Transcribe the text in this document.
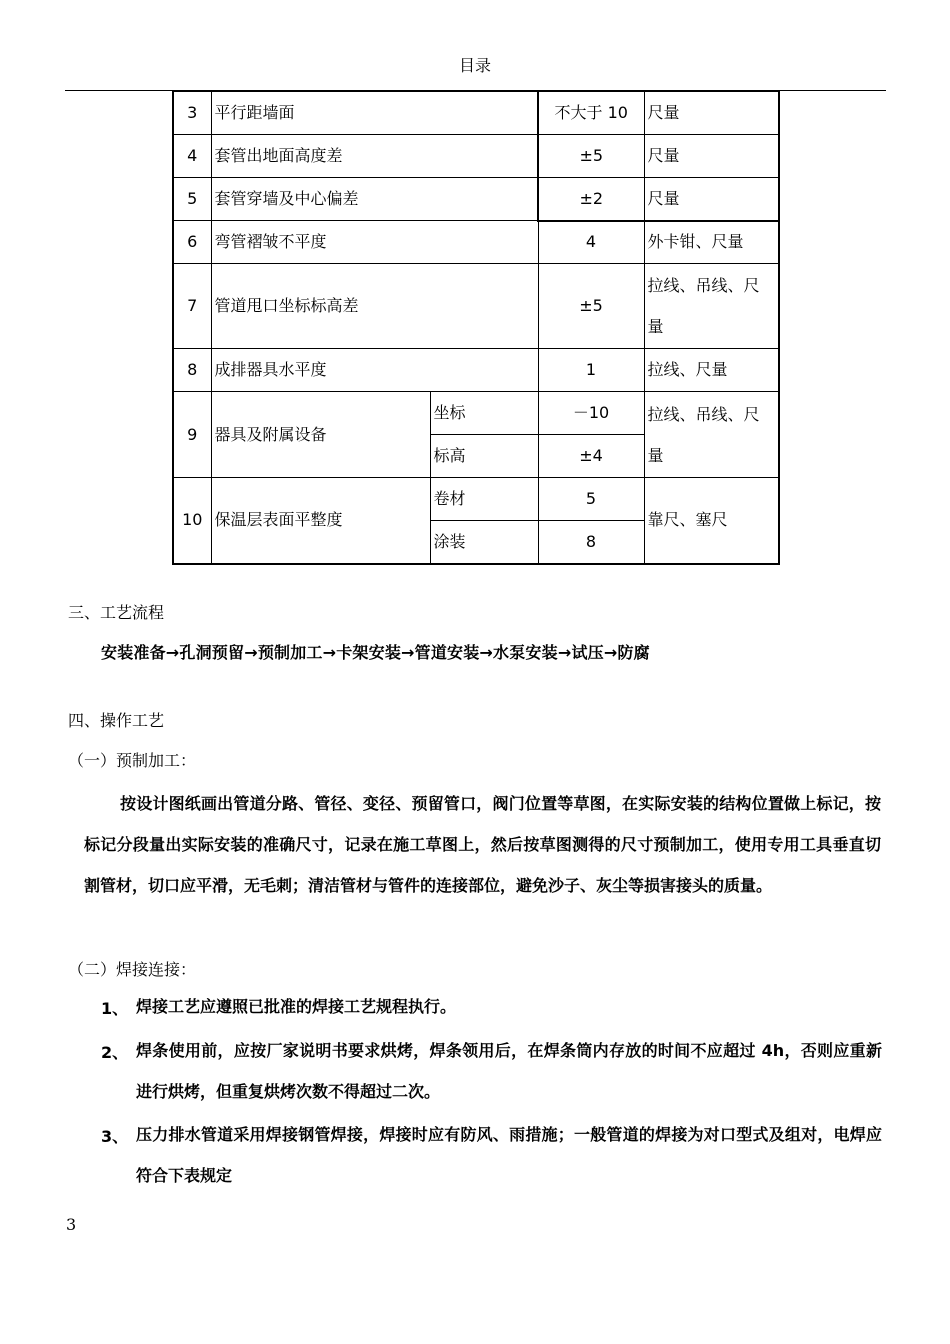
目录
3	平行距墙面		不大于 10	尺量
4	套管出地面高度差		±5	尺量
5	套管穿墙及中心偏差		±2	尺量
6	弯管褶皱不平度		4	外卡钳、尺量
7	管道甩口坐标标高差		±5	拉线、吊线、尺
量
8	成排器具水平度		1	拉线、尺量
9	器具及附属设备	坐标	－10	拉线、吊线、尺
量
		标高	±4	
10	保温层表面平整度	卷材	5	靠尺、塞尺
		涂装	8	
三、工艺流程
安装准备→孔洞预留→预制加工→卡架安装→管道安装→水泵安装→试压→防腐
四、操作工艺
（一）预制加工：
按设计图纸画出管道分路、管径、变径、预留管口，阀门位置等草图，在实际安装的结构位置做上标记，按标记分段量出实际安装的准确尺寸，记录在施工草图上，然后按草图测得的尺寸预制加工，使用专用工具垂直切割管材，切口应平滑，无毛刺；清洁管材与管件的连接部位，避免沙子、灰尘等损害接头的质量。
（二）焊接连接：
1、 焊接工艺应遵照已批准的焊接工艺规程执行。
2、 焊条使用前，应按厂家说明书要求烘烤，焊条领用后，在焊条筒内存放的时间不应超过 4h，否则应重新进行烘烤，但重复烘烤次数不得超过二次。
3、 压力排水管道采用焊接钢管焊接，焊接时应有防风、雨措施；一般管道的焊接为对口型式及组对，电焊应符合下表规定
3
